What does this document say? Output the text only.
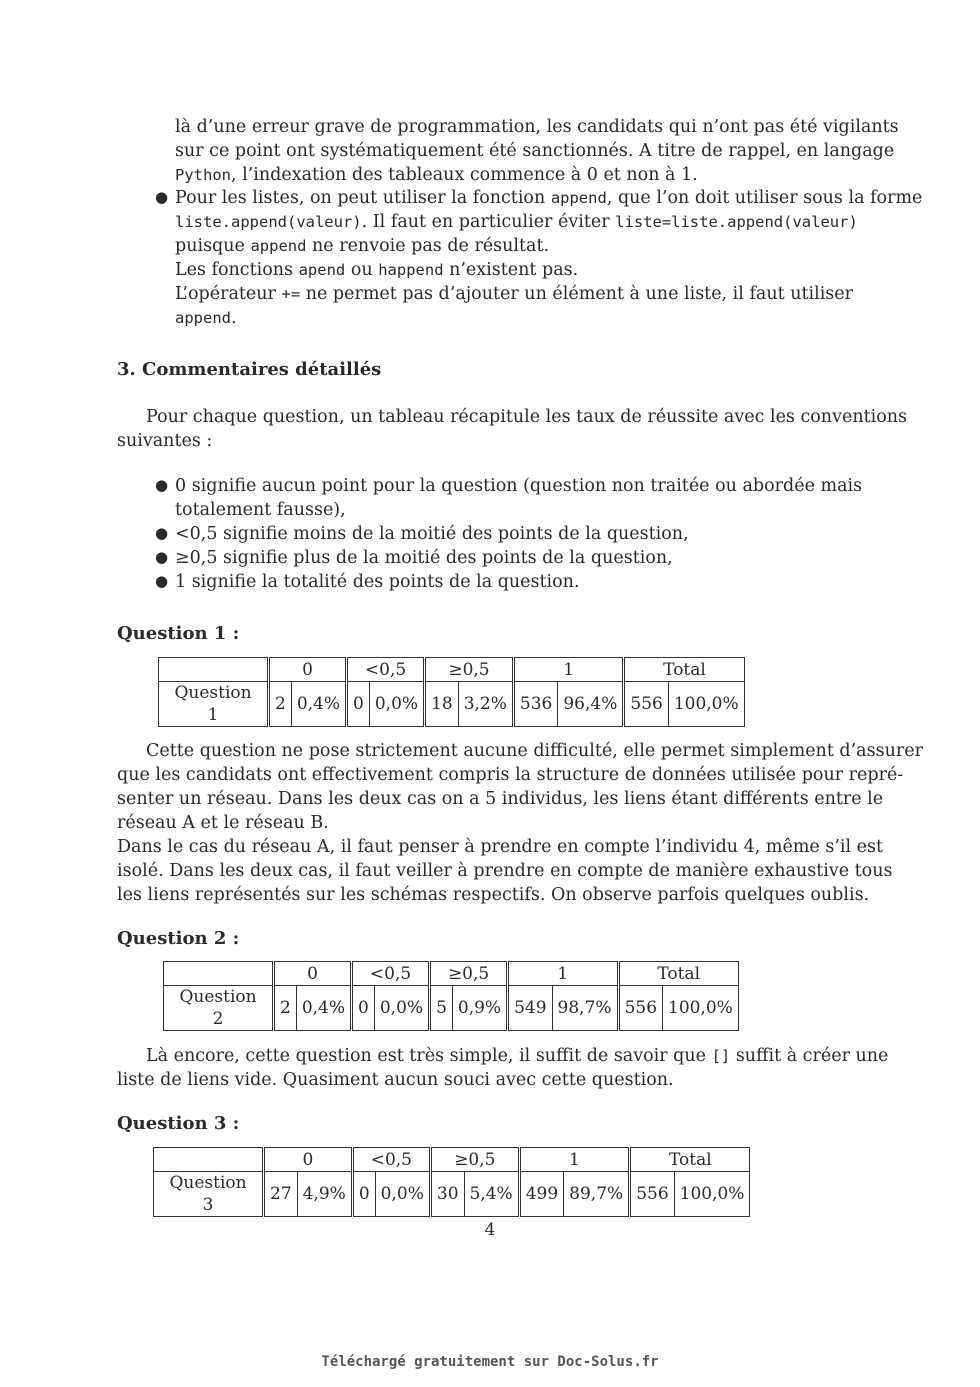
là d’une erreur grave de programmation, les candidats qui n’ont pas été vigilants
sur ce point ont systématiquement été sanctionnés. A titre de rappel, en langage
Python, l’indexation des tableaux commence à 0 et non à 1.
● Pour les listes, on peut utiliser la fonction append, que l’on doit utiliser sous la forme
liste.append(valeur). Il faut en particulier éviter liste=liste.append(valeur)
puisque append ne renvoie pas de résultat.
Les fonctions apend ou happend n’existent pas.
L’opérateur += ne permet pas d’ajouter un élément à une liste, il faut utiliser
append.
3. Commentaires détaillés
Pour chaque question, un tableau récapitule les taux de réussite avec les conventions
suivantes :
● 0 signifie aucun point pour la question (question non traitée ou abordée mais
totalement fausse),
● <0,5 signifie moins de la moitié des points de la question,
● ≥0,5 signifie plus de la moitié des points de la question,
● 1 signifie la totalité des points de la question.
Question 1 :
	0		<0,5		≥0,5		1		Total	
Question 1	2	0,4%	0	0,0%	18	3,2%	536	96,4%	556	100,0%
Cette question ne pose strictement aucune difficulté, elle permet simplement d’assurer
que les candidats ont effectivement compris la structure de données utilisée pour repré-
senter un réseau. Dans les deux cas on a 5 individus, les liens étant différents entre le
réseau A et le réseau B.
Dans le cas du réseau A, il faut penser à prendre en compte l’individu 4, même s’il est
isolé. Dans les deux cas, il faut veiller à prendre en compte de manière exhaustive tous
les liens représentés sur les schémas respectifs. On observe parfois quelques oublis.
Question 2 :
	0		<0,5		≥0,5		1		Total	
Question 2	2	0,4%	0	0,0%	5	0,9%	549	98,7%	556	100,0%
Là encore, cette question est très simple, il suffit de savoir que [] suffit à créer une
liste de liens vide. Quasiment aucun souci avec cette question.
Question 3 :
	0		<0,5		≥0,5		1		Total	
Question 3	27	4,9%	0	0,0%	30	5,4%	499	89,7%	556	100,0%
4
Téléchargé gratuitement sur Doc-Solus.fr
